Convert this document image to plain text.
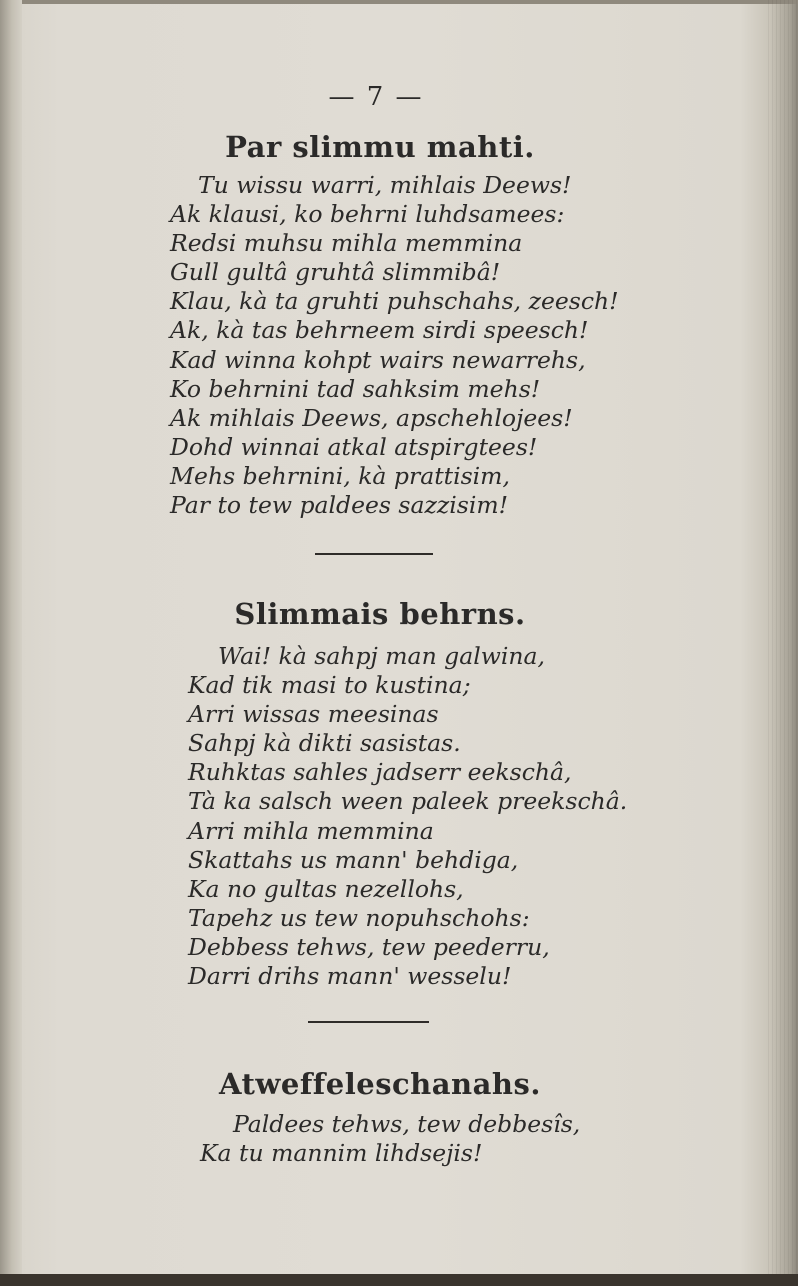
— 7 —
Par slimmu mahti.
Tu wissu warri, mihlais Deews!
Ak klausi, ko behrni luhdsamees:
Redsi muhsu mihla memmina
Gull gultâ gruhtâ slimmibâ!
Klau, kà ta gruhti puhschahs, zeesch!
Ak, kà tas behrneem sirdi speesch!
Kad winna kohpt wairs newarrehs,
Ko behrnini tad sahksim mehs!
Ak mihlais Deews, apschehlojees!
Dohd winnai atkal atspirgtees!
Mehs behrnini, kà prattisim,
Par to tew paldees sazzisim!
Slimmais behrns.
Wai! kà sahpj man galwina,
Kad tik masi to kustina;
Arri wissas meesinas
Sahpj kà dikti sasistas.
Ruhktas sahles jadserr eekschâ,
Tà ka salsch ween paleek preekschâ.
Arri mihla memmina
Skattahs us mann' behdiga,
Ka no gultas nezellohs,
Tapehz us tew nopuhschohs:
Debbess tehws, tew peederru,
Darri drihs mann' wesselu!
Atweffeleschanahs.
Paldees tehws, tew debbesîs,
Ka tu mannim lihdsejis!
